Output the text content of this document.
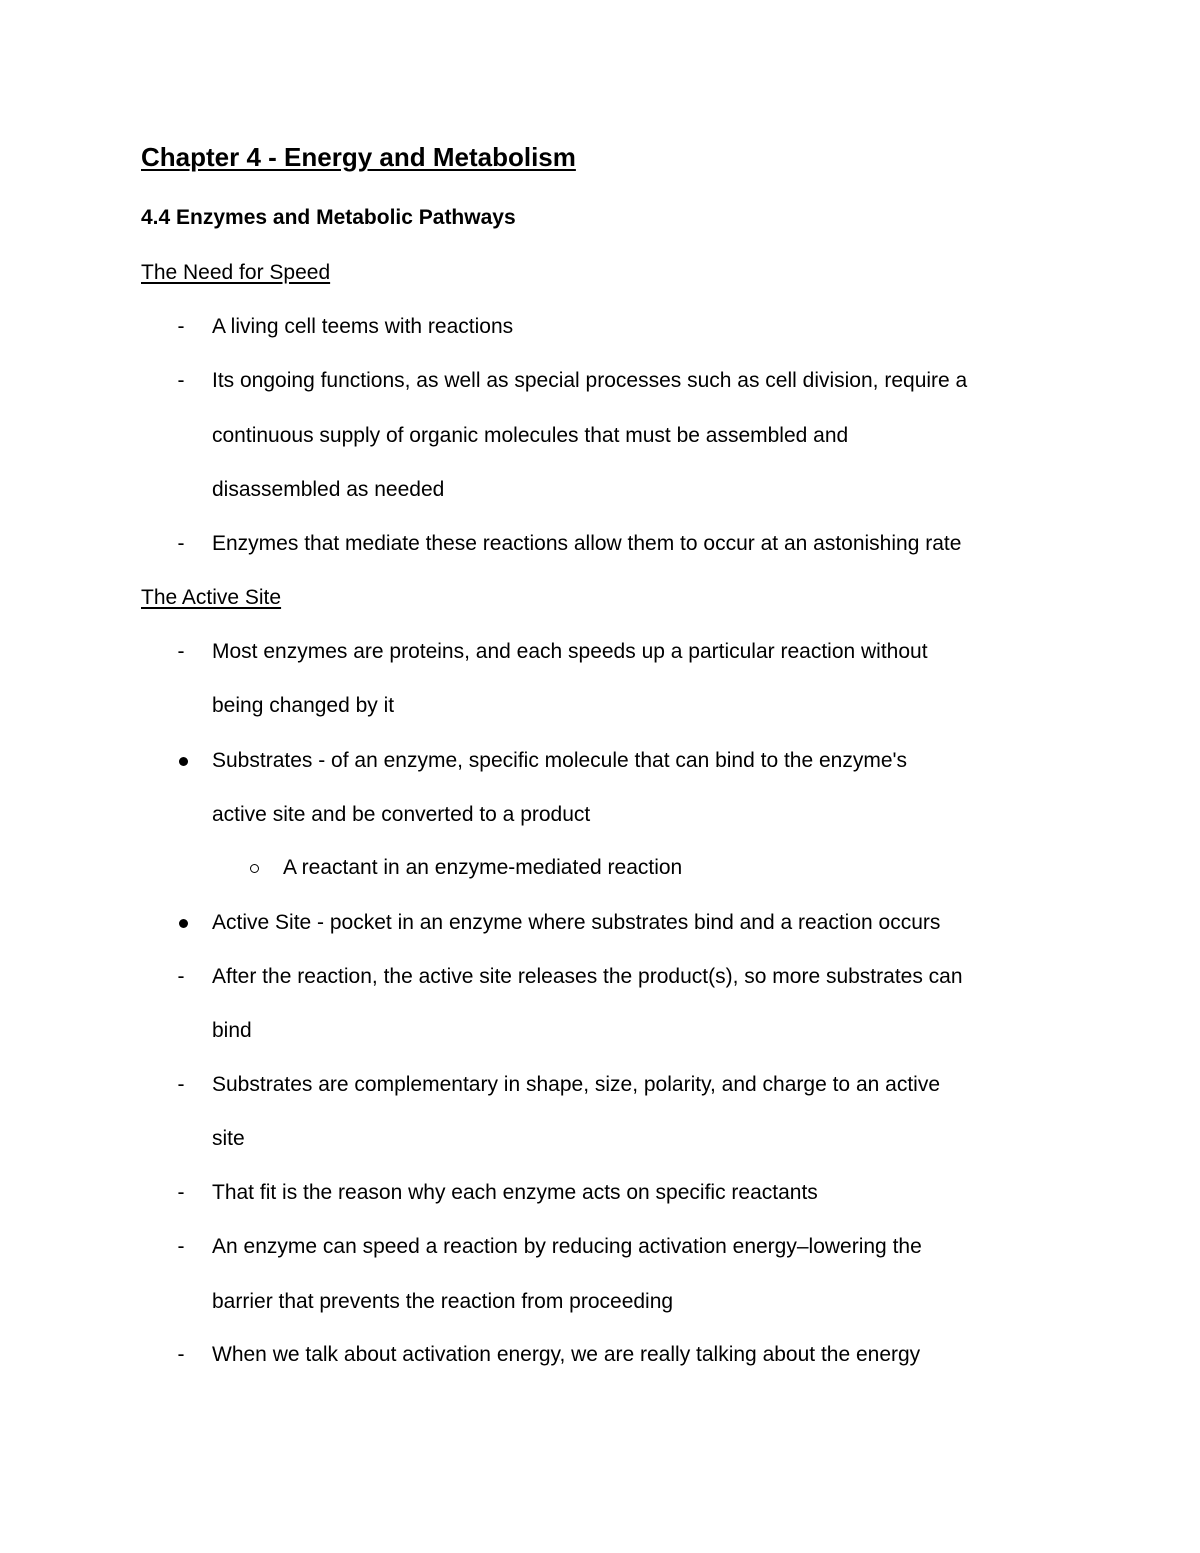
Chapter 4 - Energy and Metabolism
4.4 Enzymes and Metabolic Pathways
The Need for Speed
-	A living cell teems with reactions
-	Its ongoing functions, as well as special processes such as cell division, require a
continuous supply of organic molecules that must be assembled and
disassembled as needed
-	Enzymes that mediate these reactions allow them to occur at an astonishing rate
The Active Site
-	Most enzymes are proteins, and each speeds up a particular reaction without
being changed by it
Substrates - of an enzyme, specific molecule that can bind to the enzyme's
active site and be converted to a product
A reactant in an enzyme-mediated reaction
Active Site - pocket in an enzyme where substrates bind and a reaction occurs
-	After the reaction, the active site releases the product(s), so more substrates can
bind
-	Substrates are complementary in shape, size, polarity, and charge to an active
site
-	That fit is the reason why each enzyme acts on specific reactants
-	An enzyme can speed a reaction by reducing activation energy–lowering the
barrier that prevents the reaction from proceeding
-	When we talk about activation energy, we are really talking about the energy
